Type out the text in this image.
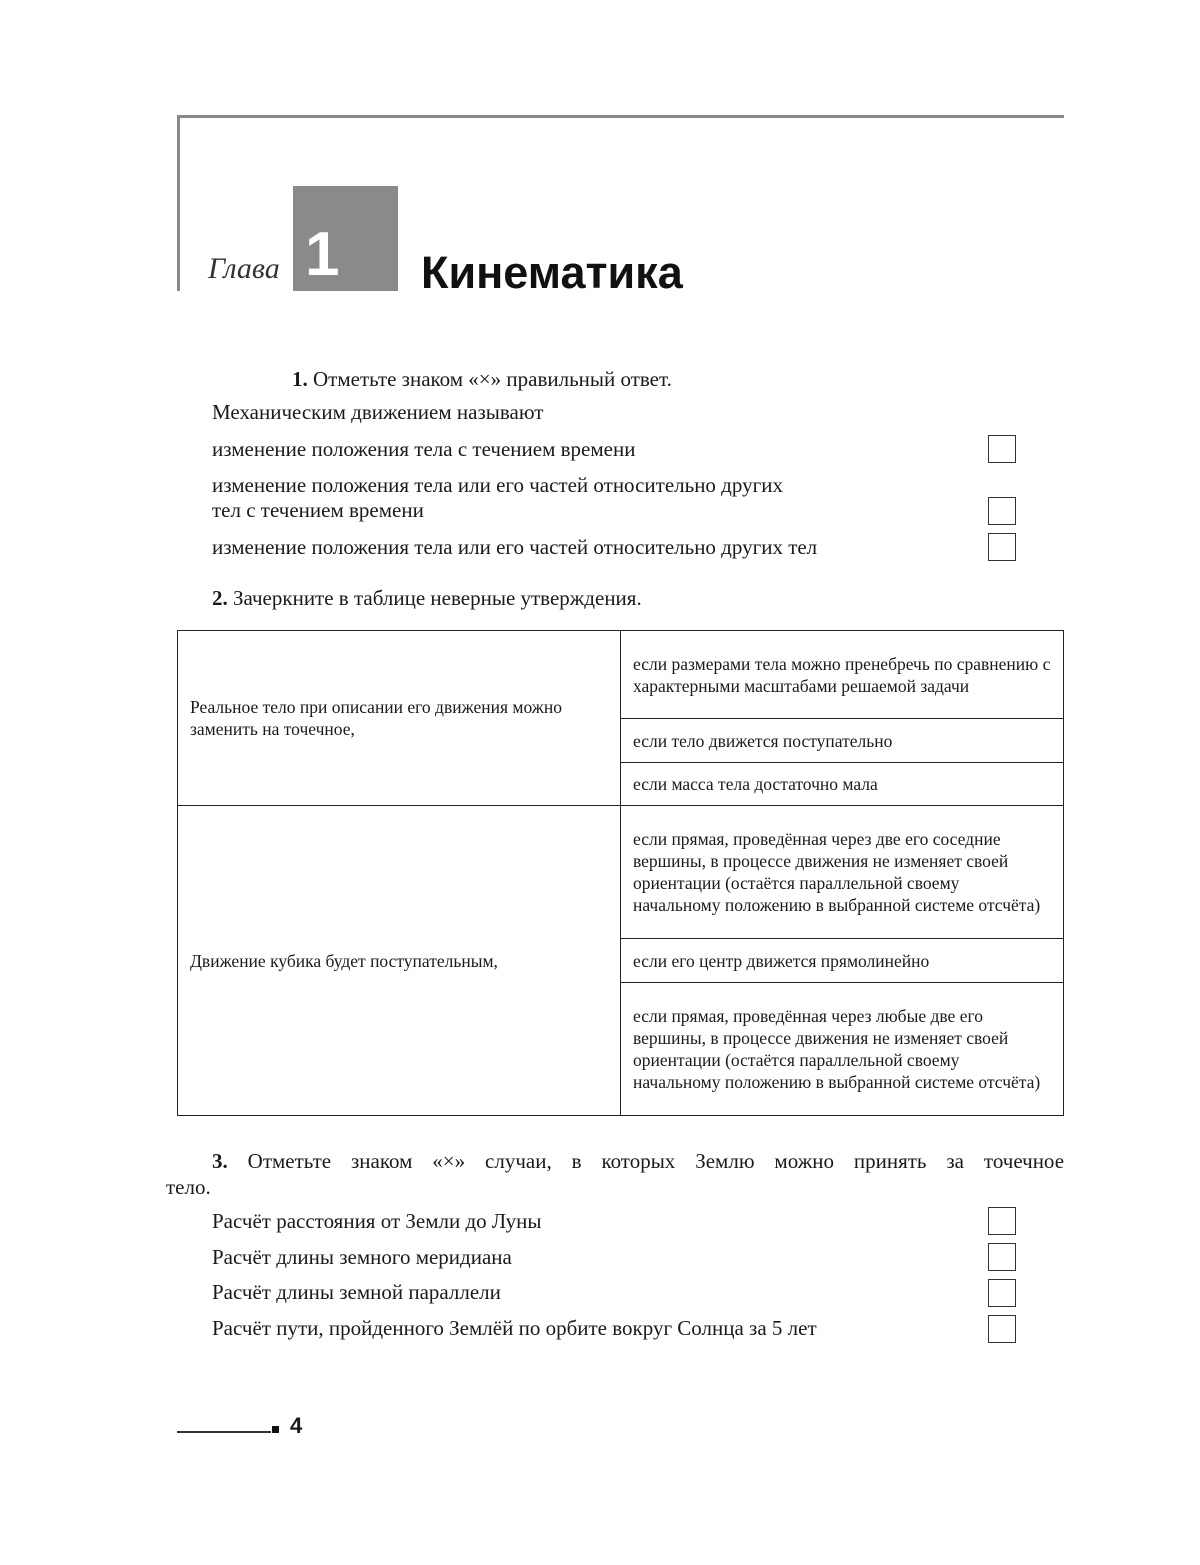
Глава 1 Кинематика
1. Отметьте знаком «×» правильный ответ.
Механическим движением называют
изменение положения тела с течением времени
изменение положения тела или его частей относительно других
тел с течением времени
изменение положения тела или его частей относительно других тел
2. Зачеркните в таблице неверные утверждения.
Реальное тело при описании его движения можно заменить на точечное,	если размерами тела можно пренебречь по сравнению с характерными масштабами решаемой задачи
	если тело движется поступательно
	если масса тела достаточно мала
Движение кубика будет поступательным,	если прямая, проведённая через две его соседние вершины, в процессе движения не изменяет своей ориентации (остаётся параллельной своему начальному положению в выбранной системе отсчёта)
	если его центр движется прямолинейно
	если прямая, проведённая через любые две его вершины, в процессе движения не изменяет своей ориентации (остаётся параллельной своему начальному положению в выбранной системе отсчёта)
3. Отметьте знаком «×» случаи, в которых Землю можно принять за точечное
тело.
Расчёт расстояния от Земли до Луны
Расчёт длины земного меридиана
Расчёт длины земной параллели
Расчёт пути, пройденного Землёй по орбите вокруг Солнца за 5 лет
4
